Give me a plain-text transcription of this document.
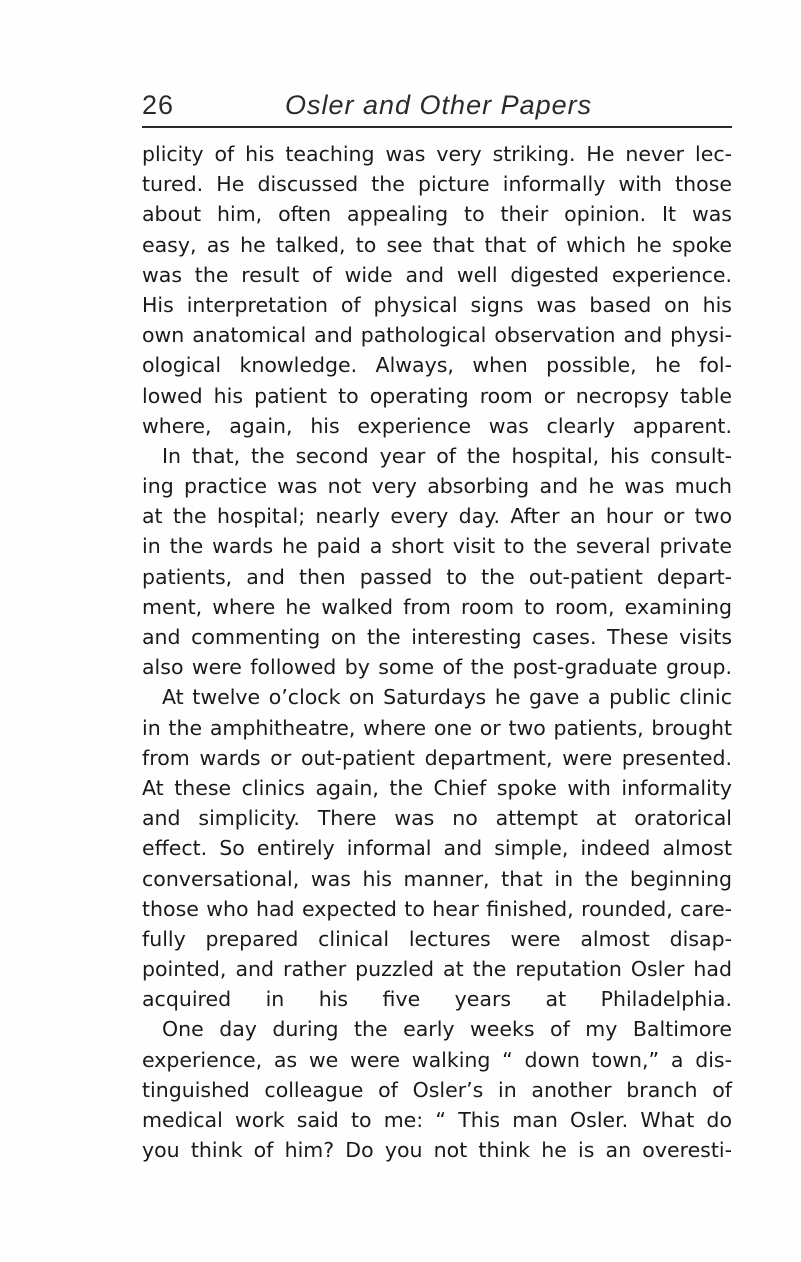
26	Osler and Other Papers
plicity of his teaching was very striking. He never lec-
tured. He discussed the picture informally with those
about him, often appealing to their opinion. It was
easy, as he talked, to see that that of which he spoke
was the result of wide and well digested experience.
His interpretation of physical signs was based on his
own anatomical and pathological observation and physi-
ological knowledge. Always, when possible, he fol-
lowed his patient to operating room or necropsy table
where, again, his experience was clearly apparent.
In that, the second year of the hospital, his consult-
ing practice was not very absorbing and he was much
at the hospital; nearly every day. After an hour or two
in the wards he paid a short visit to the several private
patients, and then passed to the out-patient depart-
ment, where he walked from room to room, examining
and commenting on the interesting cases. These visits
also were followed by some of the post-graduate group.
At twelve o’clock on Saturdays he gave a public clinic
in the amphitheatre, where one or two patients, brought
from wards or out-patient department, were presented.
At these clinics again, the Chief spoke with informality
and simplicity. There was no attempt at oratorical
effect. So entirely informal and simple, indeed almost
conversational, was his manner, that in the beginning
those who had expected to hear finished, rounded, care-
fully prepared clinical lectures were almost disap-
pointed, and rather puzzled at the reputation Osler had
acquired in his five years at Philadelphia.
One day during the early weeks of my Baltimore
experience, as we were walking “ down town,” a dis-
tinguished colleague of Osler’s in another branch of
medical work said to me: “ This man Osler. What do
you think of him? Do you not think he is an overesti-
